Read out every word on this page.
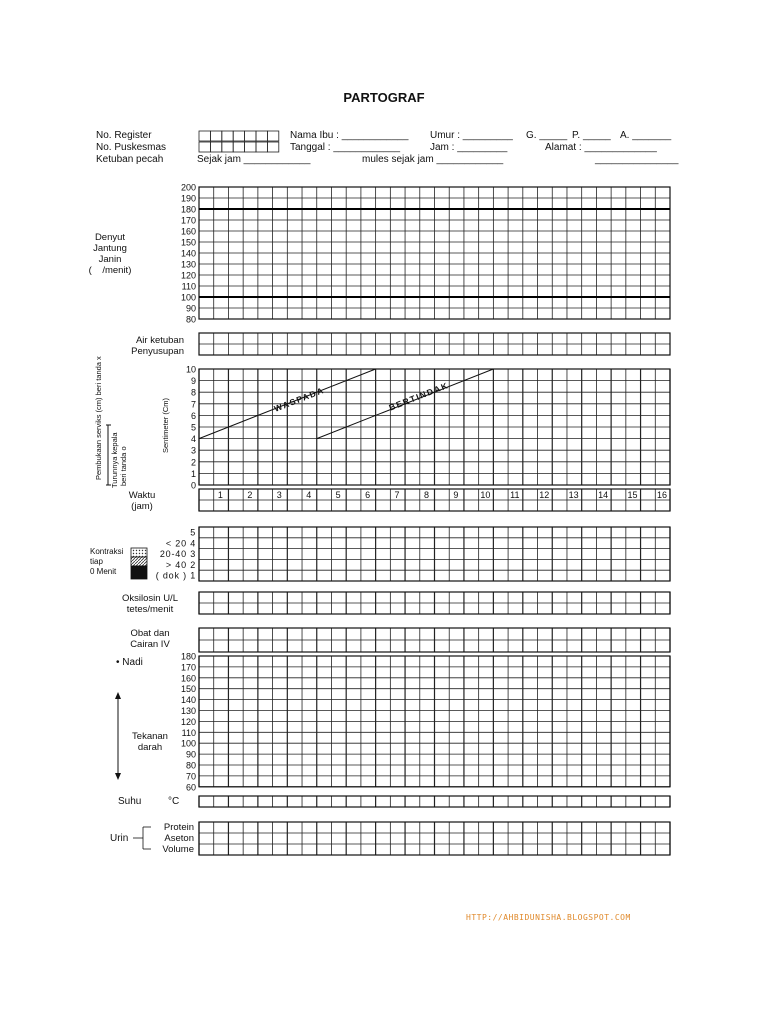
PARTOGRAF
No. Register
No. Puskesmas
Ketuban pecah	Sejak jam ____________
Nama Ibu : ____________
Tanggal : ____________
mules sejak jam ____________
Umur : _________
Jam : _________
G. _____ P. _____ A. _______
Alamat : _____________
_______________
Denyut
Jantung
Janin
(    /menit)
Air ketuban
Penyusupan
Waktu
(jam)
Kontraksi
tiap
0 Menit
Oksilosin U/L
tetes/menit
Obat dan
Cairan IV
• Nadi
Tekanan
darah
Suhu	°C
Urin
Protein
Aseton
Volume
HTTP://AHBIDUNISHA.BLOGSPOT.COM
200
190
180
170
160
150
140
130
120
110
100
90
80
10
9
8
7
6
5
4
3
2
1
0
1	2	3	4	5	6	7	8	9 10 11 12 13 14 15 16
WASPADA	BERTINDAK
Pembukaan serviks (cm) beri tanda x Turunnya kepala beri tanda o
Sentimeter (Cm)
5
< 20 4
20-40 3
> 40 2
( dok ) 1
180
170
160
150
140
130
120
110
100
90
80
70
60
